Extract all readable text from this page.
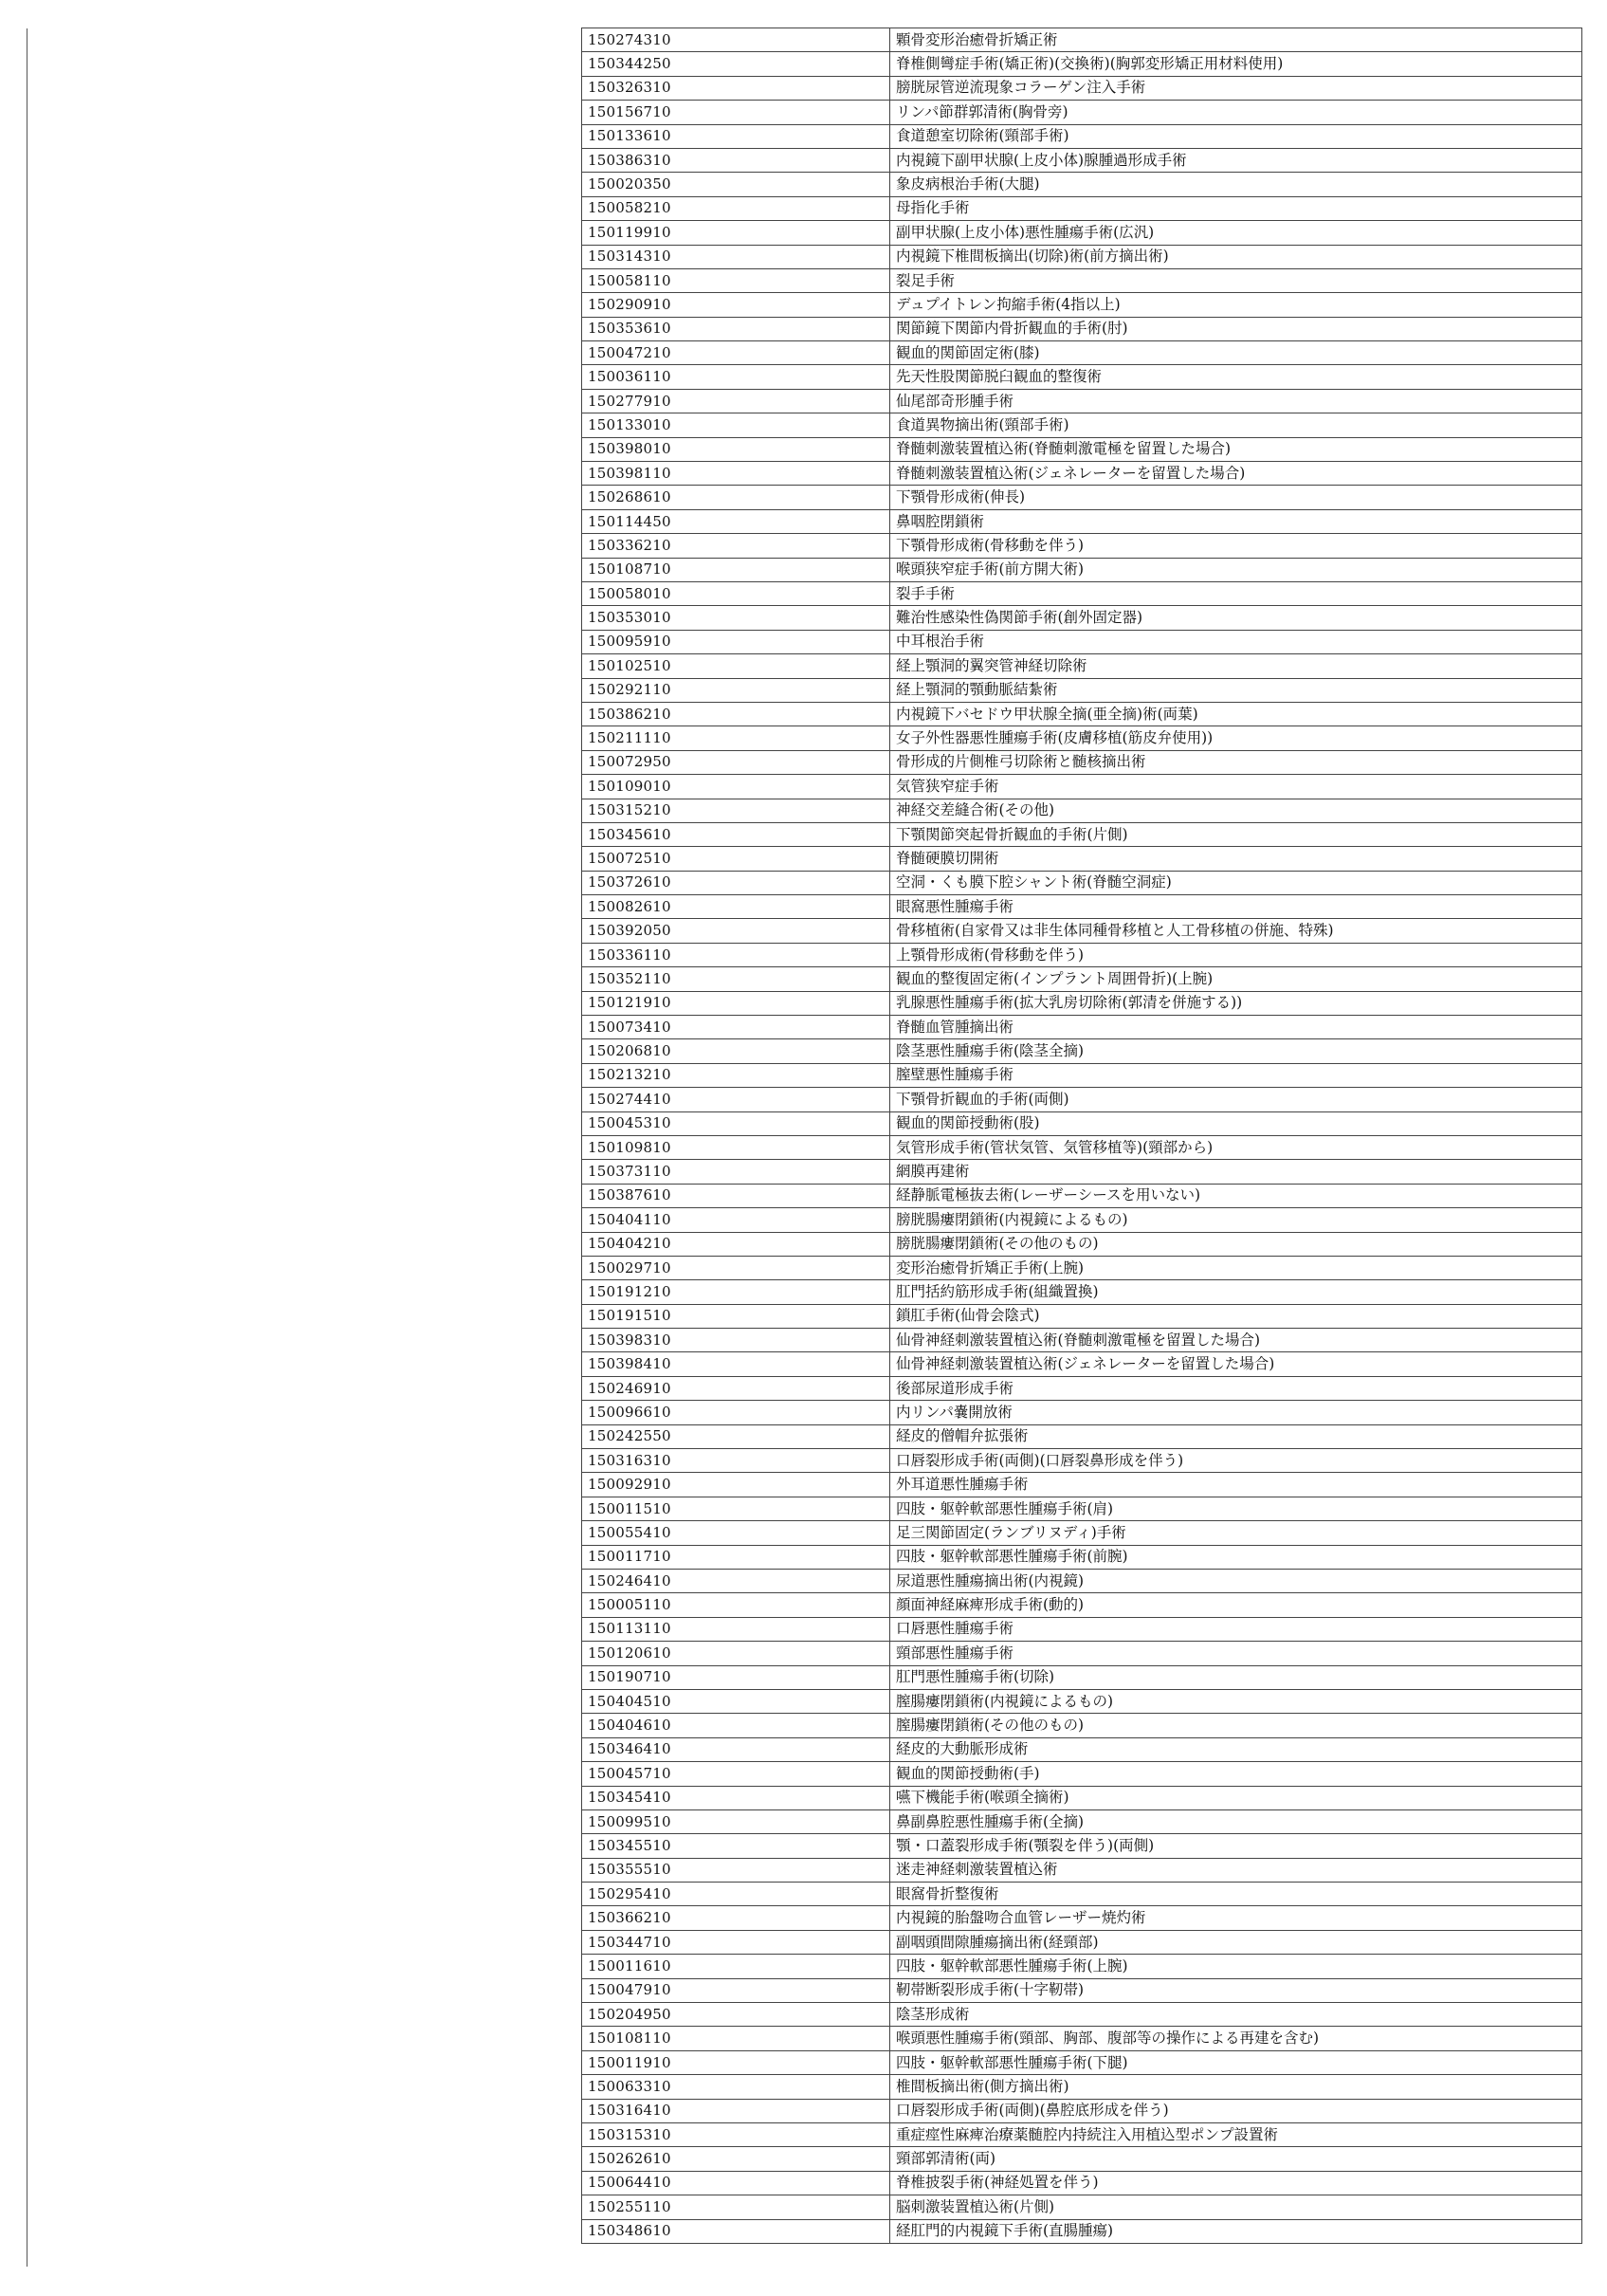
150274310	顆骨変形治癒骨折矯正術
150344250	脊椎側彎症手術(矯正術)(交換術)(胸郭変形矯正用材料使用)
150326310	膀胱尿管逆流現象コラーゲン注入手術
150156710	リンパ節群郭清術(胸骨旁)
150133610	食道憩室切除術(頸部手術)
150386310	内視鏡下副甲状腺(上皮小体)腺腫過形成手術
150020350	象皮病根治手術(大腿)
150058210	母指化手術
150119910	副甲状腺(上皮小体)悪性腫瘍手術(広汎)
150314310	内視鏡下椎間板摘出(切除)術(前方摘出術)
150058110	裂足手術
150290910	デュプイトレン拘縮手術(4指以上)
150353610	関節鏡下関節内骨折観血的手術(肘)
150047210	観血的関節固定術(膝)
150036110	先天性股関節脱臼観血的整復術
150277910	仙尾部奇形腫手術
150133010	食道異物摘出術(頸部手術)
150398010	脊髄刺激装置植込術(脊髄刺激電極を留置した場合)
150398110	脊髄刺激装置植込術(ジェネレーターを留置した場合)
150268610	下顎骨形成術(伸長)
150114450	鼻咽腔閉鎖術
150336210	下顎骨形成術(骨移動を伴う)
150108710	喉頭狭窄症手術(前方開大術)
150058010	裂手手術
150353010	難治性感染性偽関節手術(創外固定器)
150095910	中耳根治手術
150102510	経上顎洞的翼突管神経切除術
150292110	経上顎洞的顎動脈結紮術
150386210	内視鏡下バセドウ甲状腺全摘(亜全摘)術(両葉)
150211110	女子外性器悪性腫瘍手術(皮膚移植(筋皮弁使用))
150072950	骨形成的片側椎弓切除術と髄核摘出術
150109010	気管狭窄症手術
150315210	神経交差縫合術(その他)
150345610	下顎関節突起骨折観血的手術(片側)
150072510	脊髄硬膜切開術
150372610	空洞・くも膜下腔シャント術(脊髄空洞症)
150082610	眼窩悪性腫瘍手術
150392050	骨移植術(自家骨又は非生体同種骨移植と人工骨移植の併施、特殊)
150336110	上顎骨形成術(骨移動を伴う)
150352110	観血的整復固定術(インプラント周囲骨折)(上腕)
150121910	乳腺悪性腫瘍手術(拡大乳房切除術(郭清を併施する))
150073410	脊髄血管腫摘出術
150206810	陰茎悪性腫瘍手術(陰茎全摘)
150213210	膣壁悪性腫瘍手術
150274410	下顎骨折観血的手術(両側)
150045310	観血的関節授動術(股)
150109810	気管形成手術(管状気管、気管移植等)(頸部から)
150373110	網膜再建術
150387610	経静脈電極抜去術(レーザーシースを用いない)
150404110	膀胱腸瘻閉鎖術(内視鏡によるもの)
150404210	膀胱腸瘻閉鎖術(その他のもの)
150029710	変形治癒骨折矯正手術(上腕)
150191210	肛門括約筋形成手術(組織置換)
150191510	鎖肛手術(仙骨会陰式)
150398310	仙骨神経刺激装置植込術(脊髄刺激電極を留置した場合)
150398410	仙骨神経刺激装置植込術(ジェネレーターを留置した場合)
150246910	後部尿道形成手術
150096610	内リンパ嚢開放術
150242550	経皮的僧帽弁拡張術
150316310	口唇裂形成手術(両側)(口唇裂鼻形成を伴う)
150092910	外耳道悪性腫瘍手術
150011510	四肢・躯幹軟部悪性腫瘍手術(肩)
150055410	足三関節固定(ランブリヌディ)手術
150011710	四肢・躯幹軟部悪性腫瘍手術(前腕)
150246410	尿道悪性腫瘍摘出術(内視鏡)
150005110	顔面神経麻痺形成手術(動的)
150113110	口唇悪性腫瘍手術
150120610	頸部悪性腫瘍手術
150190710	肛門悪性腫瘍手術(切除)
150404510	膣腸瘻閉鎖術(内視鏡によるもの)
150404610	膣腸瘻閉鎖術(その他のもの)
150346410	経皮的大動脈形成術
150045710	観血的関節授動術(手)
150345410	嚥下機能手術(喉頭全摘術)
150099510	鼻副鼻腔悪性腫瘍手術(全摘)
150345510	顎・口蓋裂形成手術(顎裂を伴う)(両側)
150355510	迷走神経刺激装置植込術
150295410	眼窩骨折整復術
150366210	内視鏡的胎盤吻合血管レーザー焼灼術
150344710	副咽頭間隙腫瘍摘出術(経頸部)
150011610	四肢・躯幹軟部悪性腫瘍手術(上腕)
150047910	靭帯断裂形成手術(十字靭帯)
150204950	陰茎形成術
150108110	喉頭悪性腫瘍手術(頸部、胸部、腹部等の操作による再建を含む)
150011910	四肢・躯幹軟部悪性腫瘍手術(下腿)
150063310	椎間板摘出術(側方摘出術)
150316410	口唇裂形成手術(両側)(鼻腔底形成を伴う)
150315310	重症痙性麻痺治療薬髄腔内持続注入用植込型ポンプ設置術
150262610	頸部郭清術(両)
150064410	脊椎披裂手術(神経処置を伴う)
150255110	脳刺激装置植込術(片側)
150348610	経肛門的内視鏡下手術(直腸腫瘍)
